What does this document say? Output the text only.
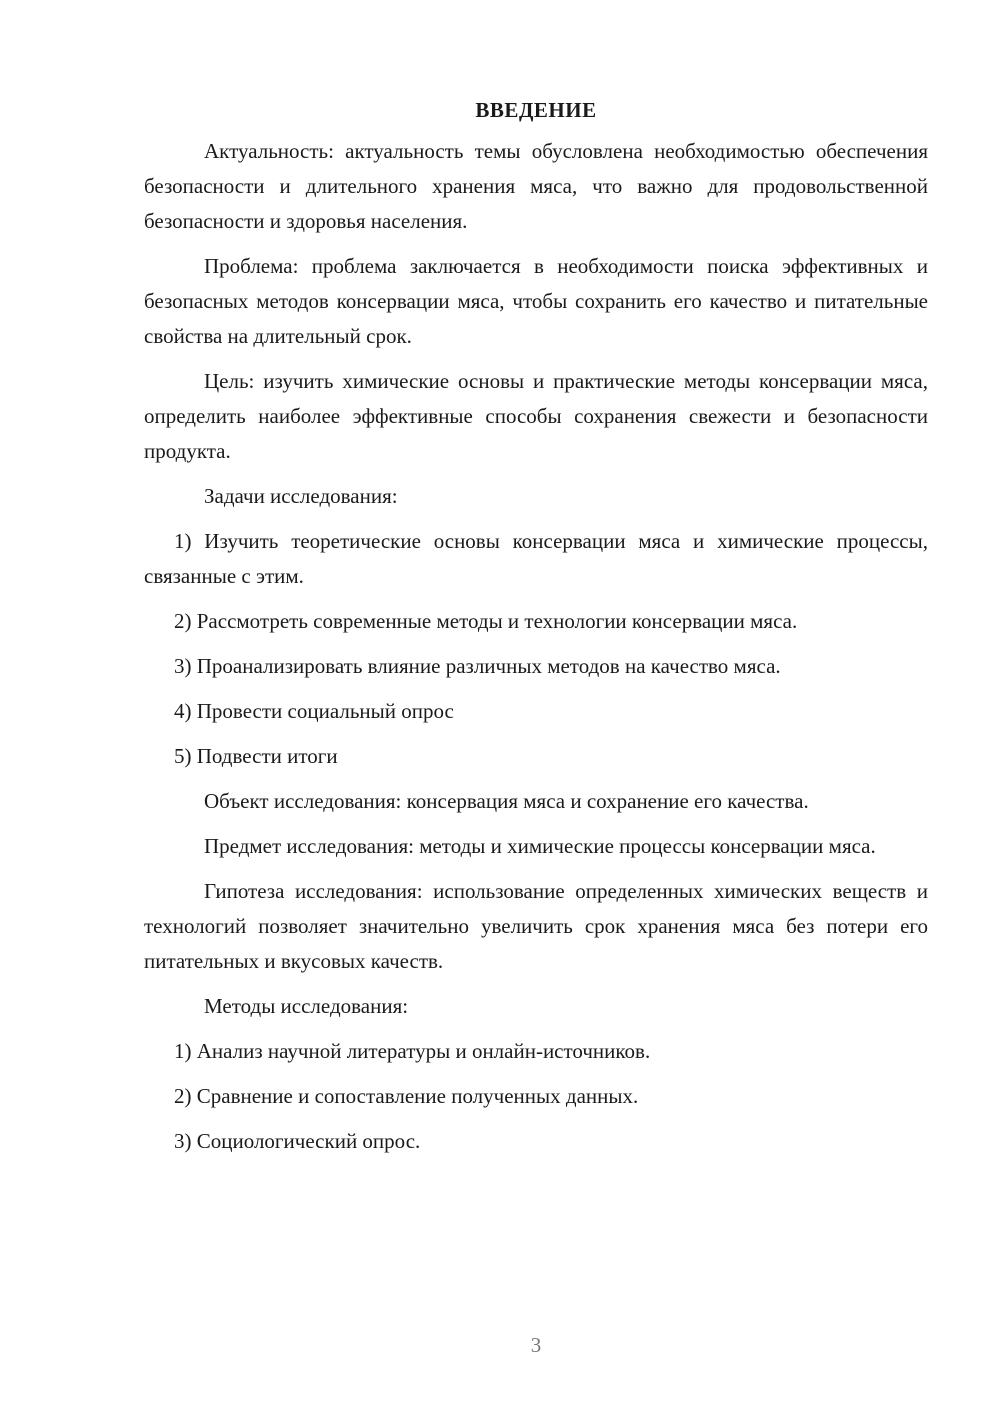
ВВЕДЕНИЕ

Актуальность: актуальность темы обусловлена необходимостью обеспечения безопасности и длительного хранения мяса, что важно для продовольственной безопасности и здоровья населения.

Проблема: проблема заключается в необходимости поиска эффективных и безопасных методов консервации мяса, чтобы сохранить его качество и питательные свойства на длительный срок.

Цель: изучить химические основы и практические методы консервации мяса, определить наиболее эффективные способы сохранения свежести и безопасности продукта.

Задачи исследования:

1) Изучить теоретические основы консервации мяса и химические процессы, связанные с этим.

2) Рассмотреть современные методы и технологии консервации мяса.

3) Проанализировать влияние различных методов на качество мяса.

4) Провести социальный опрос

5) Подвести итоги

Объект исследования: консервация мяса и сохранение его качества.

Предмет исследования: методы и химические процессы консервации мяса.

Гипотеза исследования: использование определенных химических веществ и технологий позволяет значительно увеличить срок хранения мяса без потери его питательных и вкусовых качеств.

Методы исследования:

1) Анализ научной литературы и онлайн-источников.

2) Сравнение и сопоставление полученных данных.

3) Социологический опрос.

3
